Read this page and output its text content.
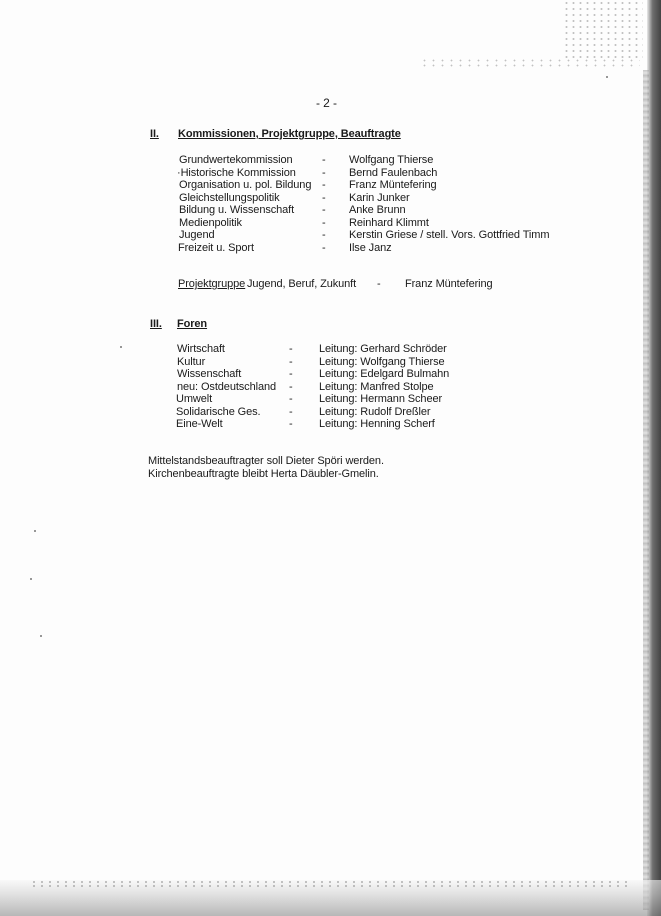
- 2 -
II. Kommissionen, Projektgruppe, Beauftragte
Grundwertekommission	- Wolfgang Thierse
·Historische Kommission - Bernd Faulenbach
Organisation u. pol. Bildung - Franz Müntefering
Gleichstellungspolitik	- Karin Junker
Bildung u. Wissenschaft	- Anke Brunn
Medienpolitik	- Reinhard Klimmt
Jugend	- Kerstin Griese / stell. Vors. Gottfried Timm
Freizeit u. Sport	- Ilse Janz
Projektgruppe Jugend, Beruf, Zukunft - Franz Müntefering
III. Foren
Wirtschaft	- Leitung: Gerhard Schröder
Kultur	- Leitung: Wolfgang Thierse
Wissenschaft	- Leitung: Edelgard Bulmahn
neu: Ostdeutschland - Leitung: Manfred Stolpe
Umwelt	- Leitung: Hermann Scheer
Solidarische Ges.	- Leitung: Rudolf Dreßler
Eine-Welt	- Leitung: Henning Scherf
Mittelstandsbeauftragter soll Dieter Spöri werden.
Kirchenbeauftragte bleibt Herta Däubler-Gmelin.
